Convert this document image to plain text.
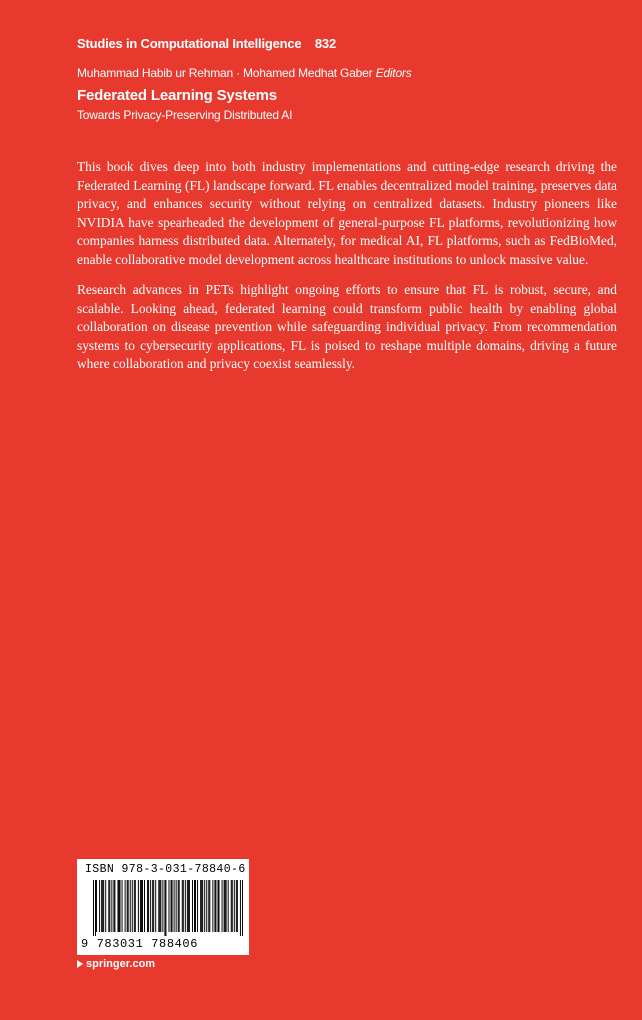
Studies in Computational Intelligence 832
Muhammad Habib ur Rehman · Mohamed Medhat Gaber Editors
Federated Learning Systems
Towards Privacy-Preserving Distributed AI

This book dives deep into both industry implementations and cutting-edge research driving the Federated Learning (FL) landscape forward. FL enables decentralized model training, preserves data privacy, and enhances security without relying on centralized datasets. Industry pioneers like NVIDIA have spearheaded the development of general-purpose FL platforms, revolutionizing how companies harness distributed data. Alternately, for medical AI, FL platforms, such as FedBioMed, enable collaborative model development across healthcare institutions to unlock massive value.

Research advances in PETs highlight ongoing efforts to ensure that FL is robust, secure, and scalable. Looking ahead, federated learning could transform public health by enabling global collaboration on disease prevention while safeguarding individual privacy. From recommendation systems to cybersecurity applications, FL is poised to reshape multiple domains, driving a future where collaboration and privacy coexist seamlessly.

ISBN 978-3-031-78840-6
9 783031 788406
springer.com
